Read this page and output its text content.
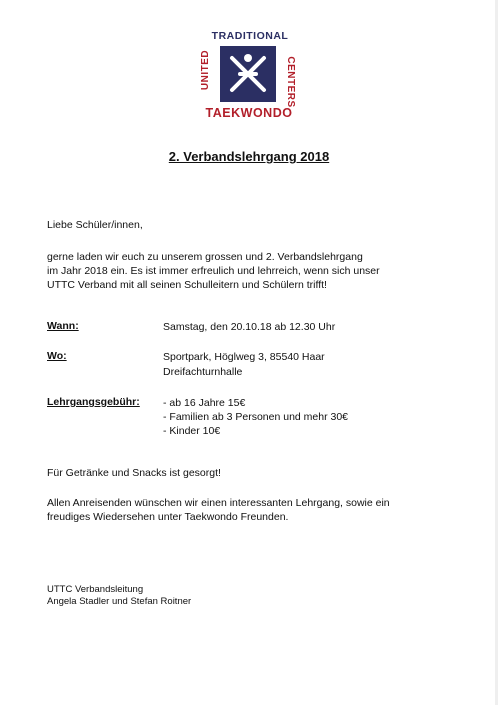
TRADITIONAL
UNITED	CENTERS
TAEKWONDO
2. Verbandslehrgang 2018
Liebe Schüler/innen,
gerne laden wir euch zu unserem grossen und 2. Verbandslehrgang
im Jahr 2018 ein. Es ist immer erfreulich und lehrreich, wenn sich unser
UTTC Verband mit all seinen Schulleitern und Schülern trifft!
Wann:	Samstag, den 20.10.18 ab 12.30 Uhr
Wo:	Sportpark, Höglweg 3, 85540 Haar
Dreifachturnhalle
Lehrgangsgebühr: - ab 16 Jahre 15€
- Familien ab 3 Personen und mehr 30€
- Kinder 10€
Für Getränke und Snacks ist gesorgt!
Allen Anreisenden wünschen wir einen interessanten Lehrgang, sowie ein
freudiges Wiedersehen unter Taekwondo Freunden.
UTTC Verbandsleitung
Angela Stadler und Stefan Roitner
